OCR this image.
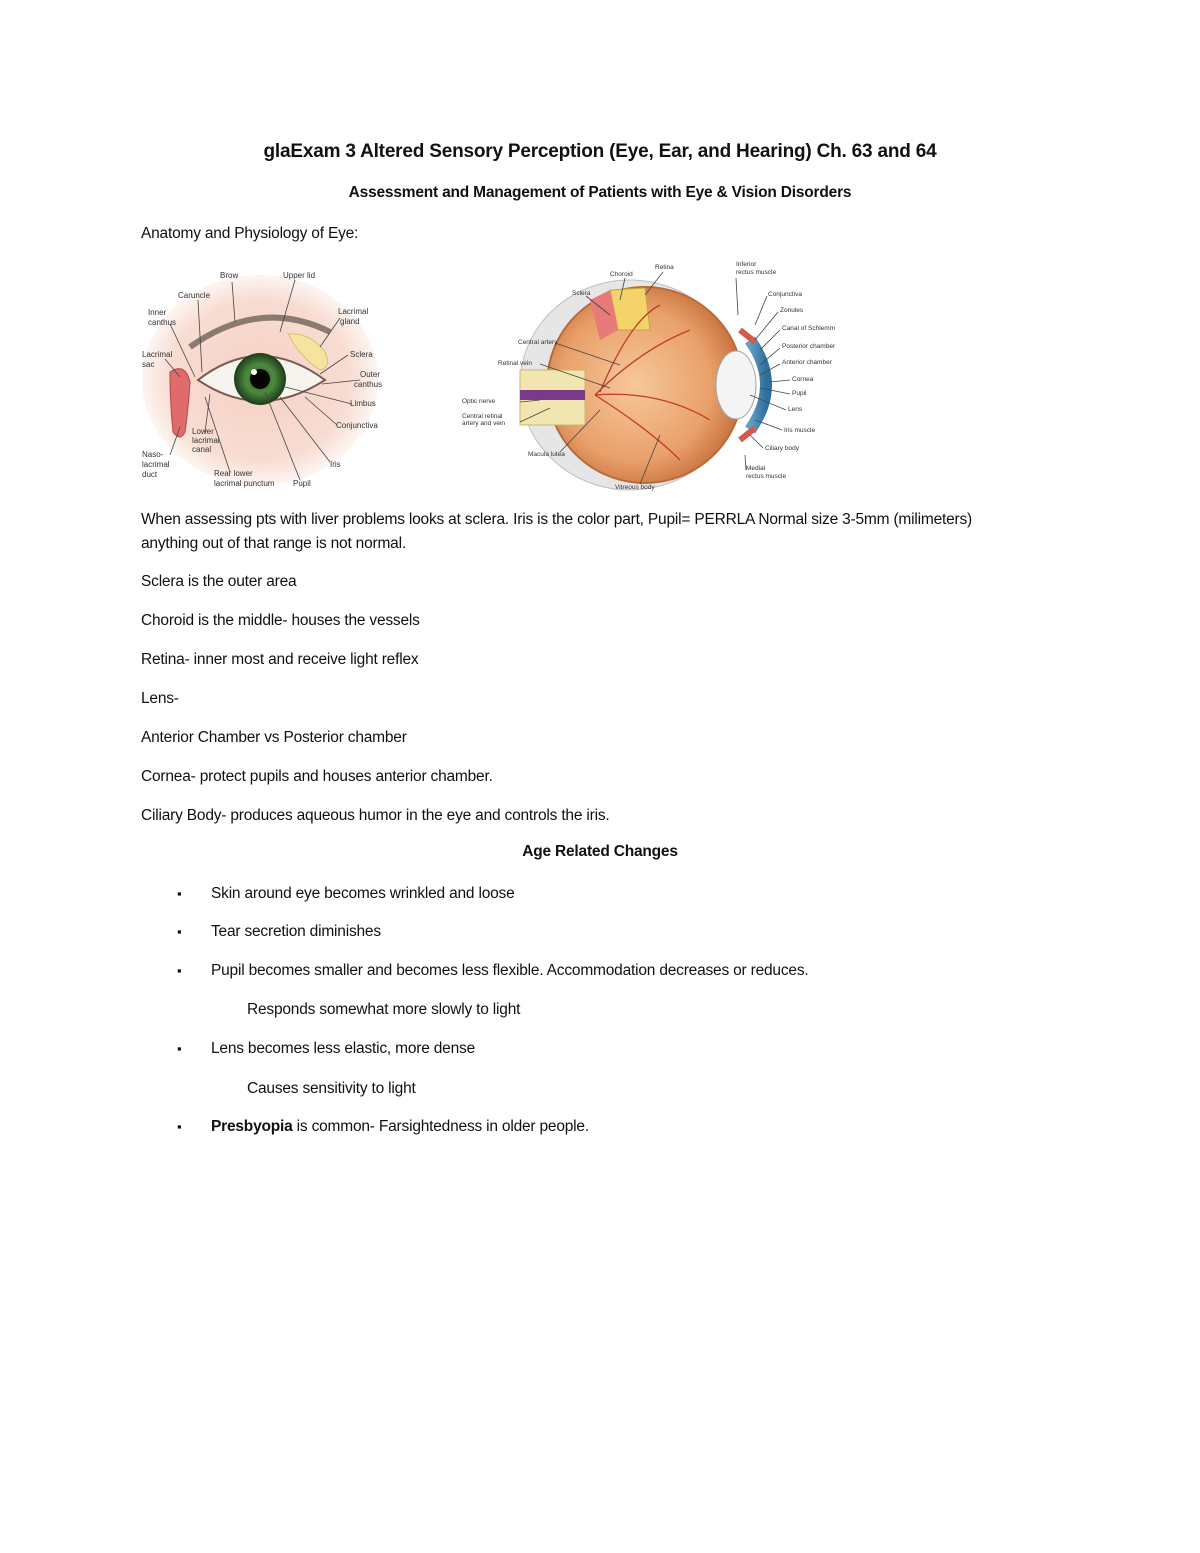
glaExam 3 Altered Sensory Perception (Eye, Ear, and Hearing) Ch. 63 and 64
Assessment and Management of Patients with Eye & Vision Disorders
Anatomy and Physiology of Eye:
Brow	Upper lid
Caruncle
Inner
canthus
Lacrimal
gland
Lacrimal
sac
Sclera
Outer
canthus
Limbus
Conjunctiva
Lower
lacrimal
canal
Naso-
lacrimal
duct	Rear lower
lacrimal punctum
Iris
Pupil
Choroid
Retina	Inferior
rectus muscle
Sclera	Conjunctiva
Zonules
Canal of Schlemm
Posterior chamber
Anterior chamber
Cornea
Pupil
Lens
Iris muscle
Ciliary body
Medial
rectus muscle
Central artery
Retinal vein
Optic nerve
Central retinal
artery and vein
Macula lutea
Vitreous body
When assessing pts with liver problems looks at sclera. Iris is the color part, Pupil= PERRLA Normal size 3-5mm (milimeters)
anything out of that range is not normal.
Sclera is the outer area
Choroid is the middle- houses the vessels
Retina- inner most and receive light reflex
Lens-
Anterior Chamber vs Posterior chamber
Cornea- protect pupils and houses anterior chamber.
Ciliary Body- produces aqueous humor in the eye and controls the iris.
Age Related Changes
▪ Skin around eye becomes wrinkled and loose
▪ Tear secretion diminishes
▪ Pupil becomes smaller and becomes less flexible. Accommodation decreases or reduces.
Responds somewhat more slowly to light
▪ Lens becomes less elastic, more dense
Causes sensitivity to light
▪ Presbyopia is common- Farsightedness in older people.
